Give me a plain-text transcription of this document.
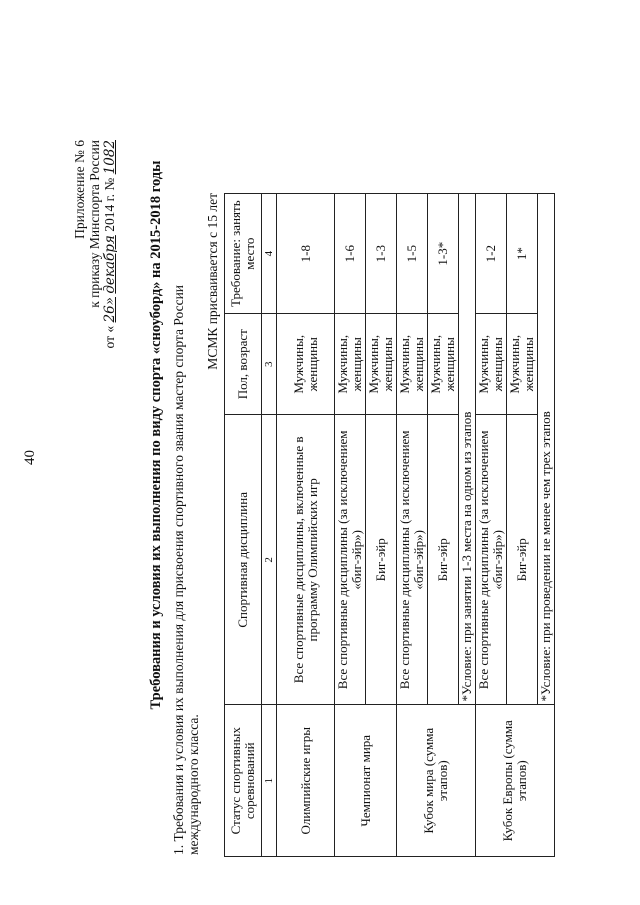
40
Приложение № 6 к приказу Минспорта России
от « 26» декабря 2014 г. № 1082
Требования и условия их выполнения по виду спорта «сноуборд» на 2015-2018 годы 1. Требования и условия их выполнения для присвоения спортивного звания мастер спорта России международного класса.
МСМК присваивается с 15 лет
Статус спортивных соревнований	Спортивная дисциплина	Пол, возраст	Требование: занять место
1	2	3	4
Олимпийские игры	Все спортивные дисциплины, включенные в программу Олимпийских игр	Мужчины, женщины	1-8
Чемпионат мира	Все спортивные дисциплины (за исключением «биг-эйр»)	Мужчины, женщины	1-6
	Биг-эйр	Мужчины, женщины	1-3
Кубок мира (сумма этапов)	Все спортивные дисциплины (за исключением «биг-эйр»)	Мужчины, женщины	1-5
	Биг-эйр	Мужчины, женщины	1-3*
	*Условие: при занятии 1-3 места на одном из этапов		
Кубок Европы (сумма этапов)	Все спортивные дисциплины (за исключением «биг-эйр»)	Мужчины, женщины	1-2
	Биг-эйр	Мужчины, женщины	1*
	*Условие: при проведении не менее чем трех этапов		
